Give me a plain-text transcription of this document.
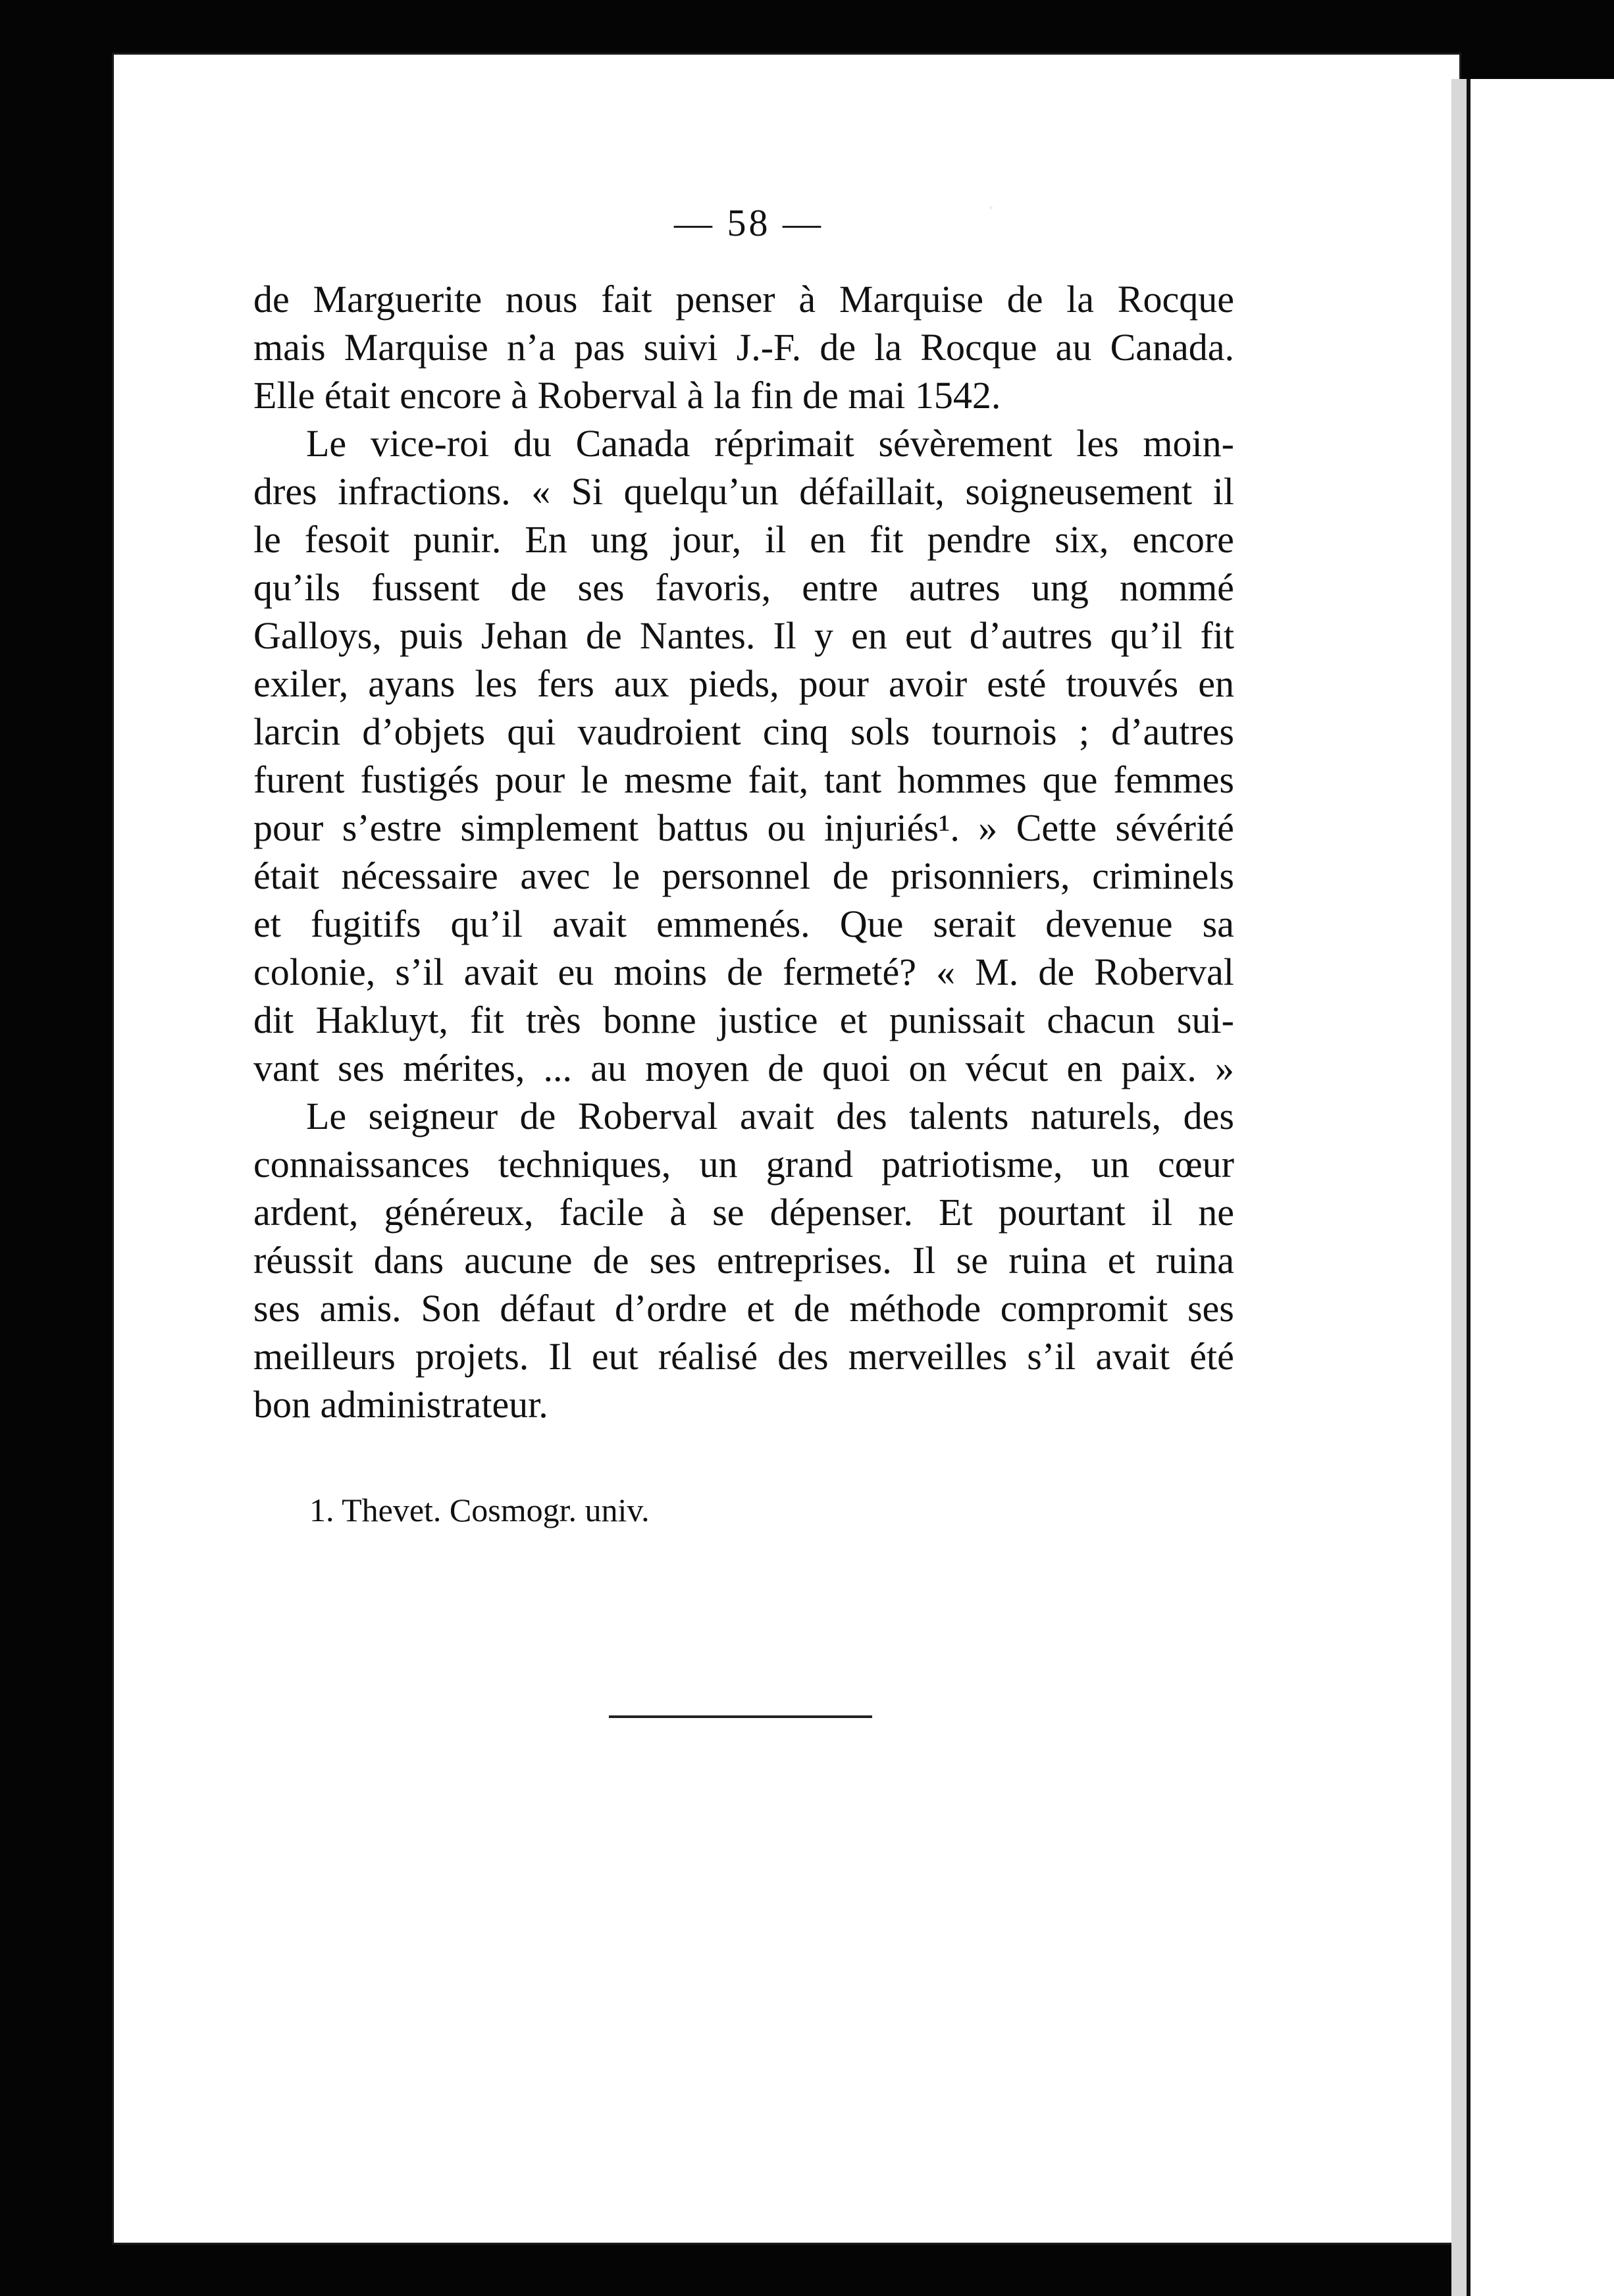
— 58 —
de Marguerite nous fait penser à Marquise de la Rocque
mais Marquise n’a pas suivi J.-F. de la Rocque au Canada.
Elle était encore à Roberval à la fin de mai 1542.
Le vice-roi du Canada réprimait sévèrement les moin-
dres infractions. « Si quelqu’un défaillait, soigneusement il
le fesoit punir. En ung jour, il en fit pendre six, encore
qu’ils fussent de ses favoris, entre autres ung nommé
Galloys, puis Jehan de Nantes. Il y en eut d’autres qu’il fit
exiler, ayans les fers aux pieds, pour avoir esté trouvés en
larcin d’objets qui vaudroient cinq sols tournois ; d’autres
furent fustigés pour le mesme fait, tant hommes que femmes
pour s’estre simplement battus ou injuriés¹. » Cette sévérité
était nécessaire avec le personnel de prisonniers, criminels
et fugitifs qu’il avait emmenés. Que serait devenue sa
colonie, s’il avait eu moins de fermeté? « M. de Roberval
dit Hakluyt, fit très bonne justice et punissait chacun sui-
vant ses mérites, ... au moyen de quoi on vécut en paix. »
Le seigneur de Roberval avait des talents naturels, des
connaissances techniques, un grand patriotisme, un cœur
ardent, généreux, facile à se dépenser. Et pourtant il ne
réussit dans aucune de ses entreprises. Il se ruina et ruina
ses amis. Son défaut d’ordre et de méthode compromit ses
meilleurs projets. Il eut réalisé des merveilles s’il avait été
bon administrateur.
1. Thevet. Cosmogr. univ.
